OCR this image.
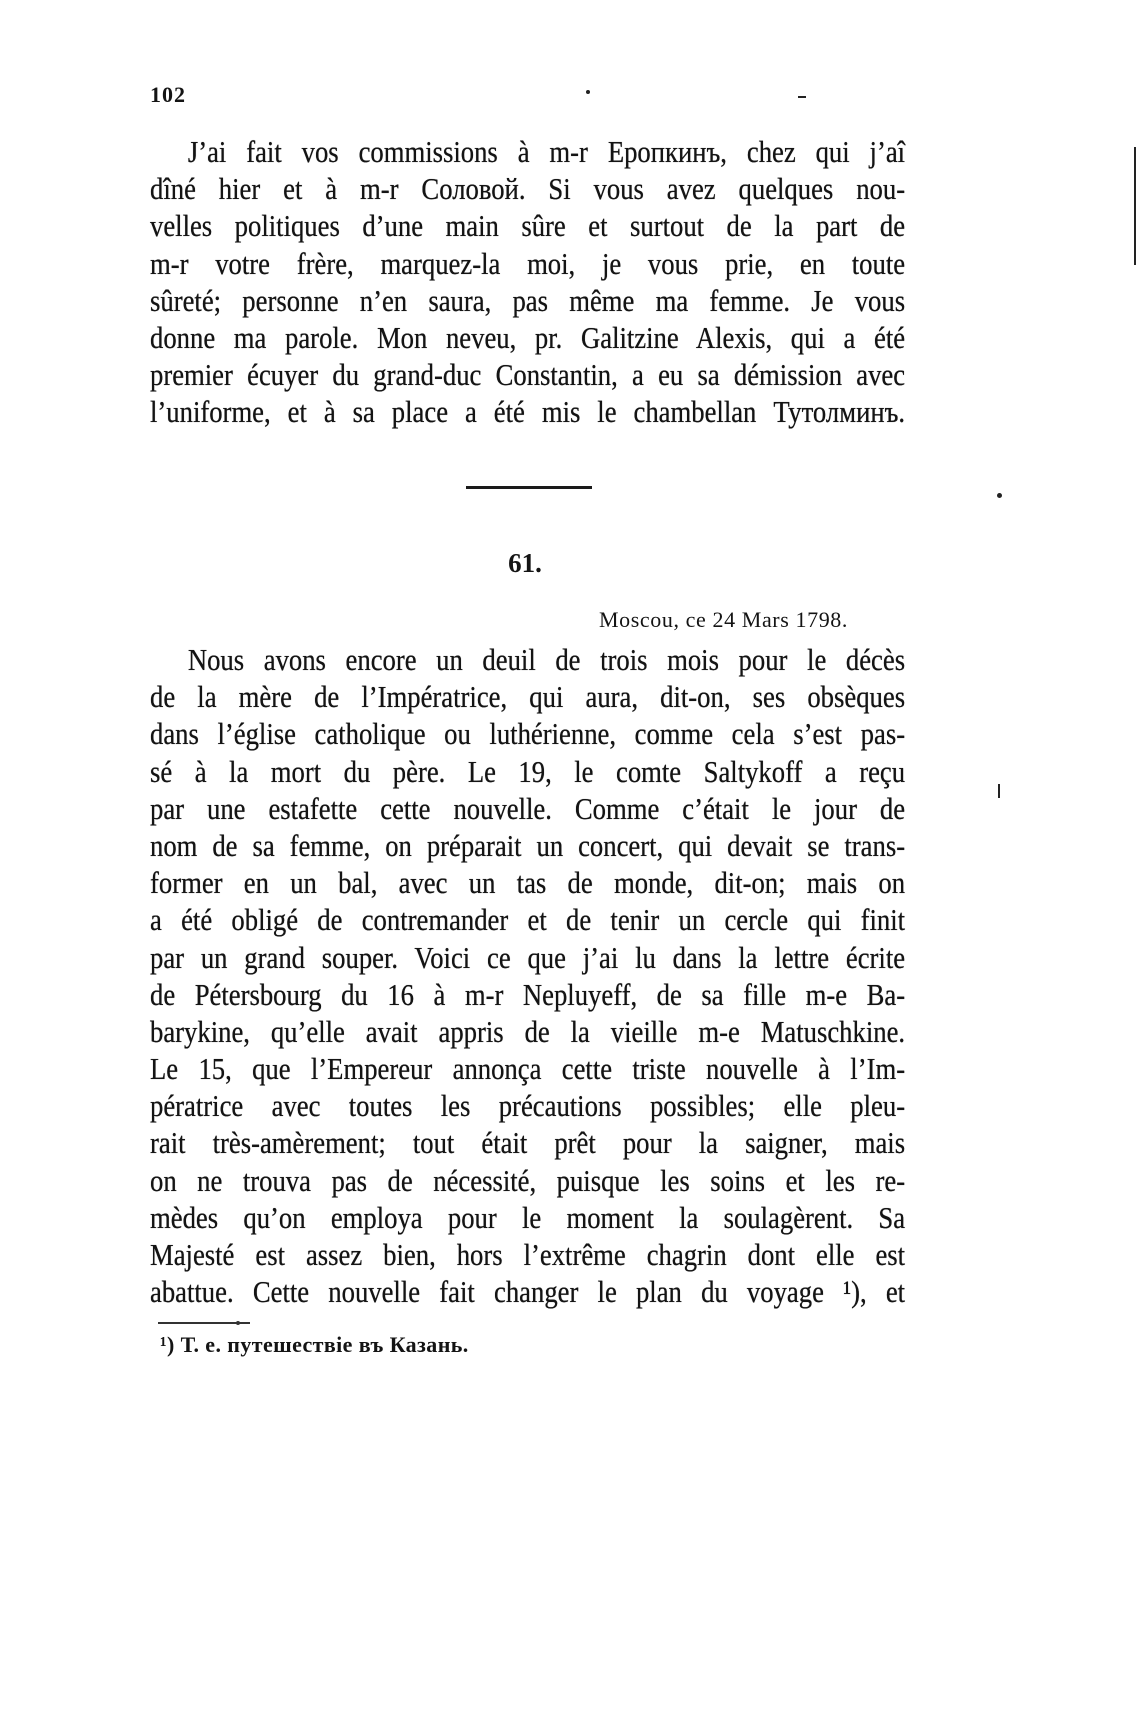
102
J’ai fait vos commissions à m-r Еропкинъ, chez qui j’aî
dîné hier et à m-r Соловой. Si vous avez quelques nou-
velles politiques d’une main sûre et surtout de la part de
m-r votre frère, marquez-la moi, je vous prie, en toute
sûreté; personne n’en saura, pas même ma femme. Je vous
donne ma parole. Mon neveu, pr. Galitzine Alexis, qui a été
premier écuyer du grand-duc Constantin, a eu sa démission avec
l’uniforme, et à sa place a été mis le chambellan Тутолминъ.
61.
Moscou, ce 24 Mars 1798.
Nous avons encore un deuil de trois mois pour le décès
de la mère de l’Impératrice, qui aura, dit-on, ses obsèques
dans l’église catholique ou luthérienne, comme cela s’est pas-
sé à la mort du père. Le 19, le comte Saltykoff a reçu
par une estafette cette nouvelle. Comme c’était le jour de
nom de sa femme, on préparait un concert, qui devait se trans-
former en un bal, avec un tas de monde, dit-on; mais on
a été obligé de contremander et de tenir un cercle qui finit
par un grand souper. Voici ce que j’ai lu dans la lettre écrite
de Pétersbourg du 16 à m-r Nepluyeff, de sa fille m-e Ba-
barykine, qu’elle avait appris de la vieille m-e Matuschkine.
Le 15, que l’Empereur annonça cette triste nouvelle à l’Im-
pératrice avec toutes les précautions possibles; elle pleu-
rait très-amèrement; tout était prêt pour la saigner, mais
on ne trouva pas de nécessité, puisque les soins et les re-
mèdes qu’on employa pour le moment la soulagèrent. Sa
Majesté est assez bien, hors l’extrême chagrin dont elle est
abattue. Cette nouvelle fait changer le plan du voyage ¹), et
¹) Т. е. путешествіе въ Казань.
